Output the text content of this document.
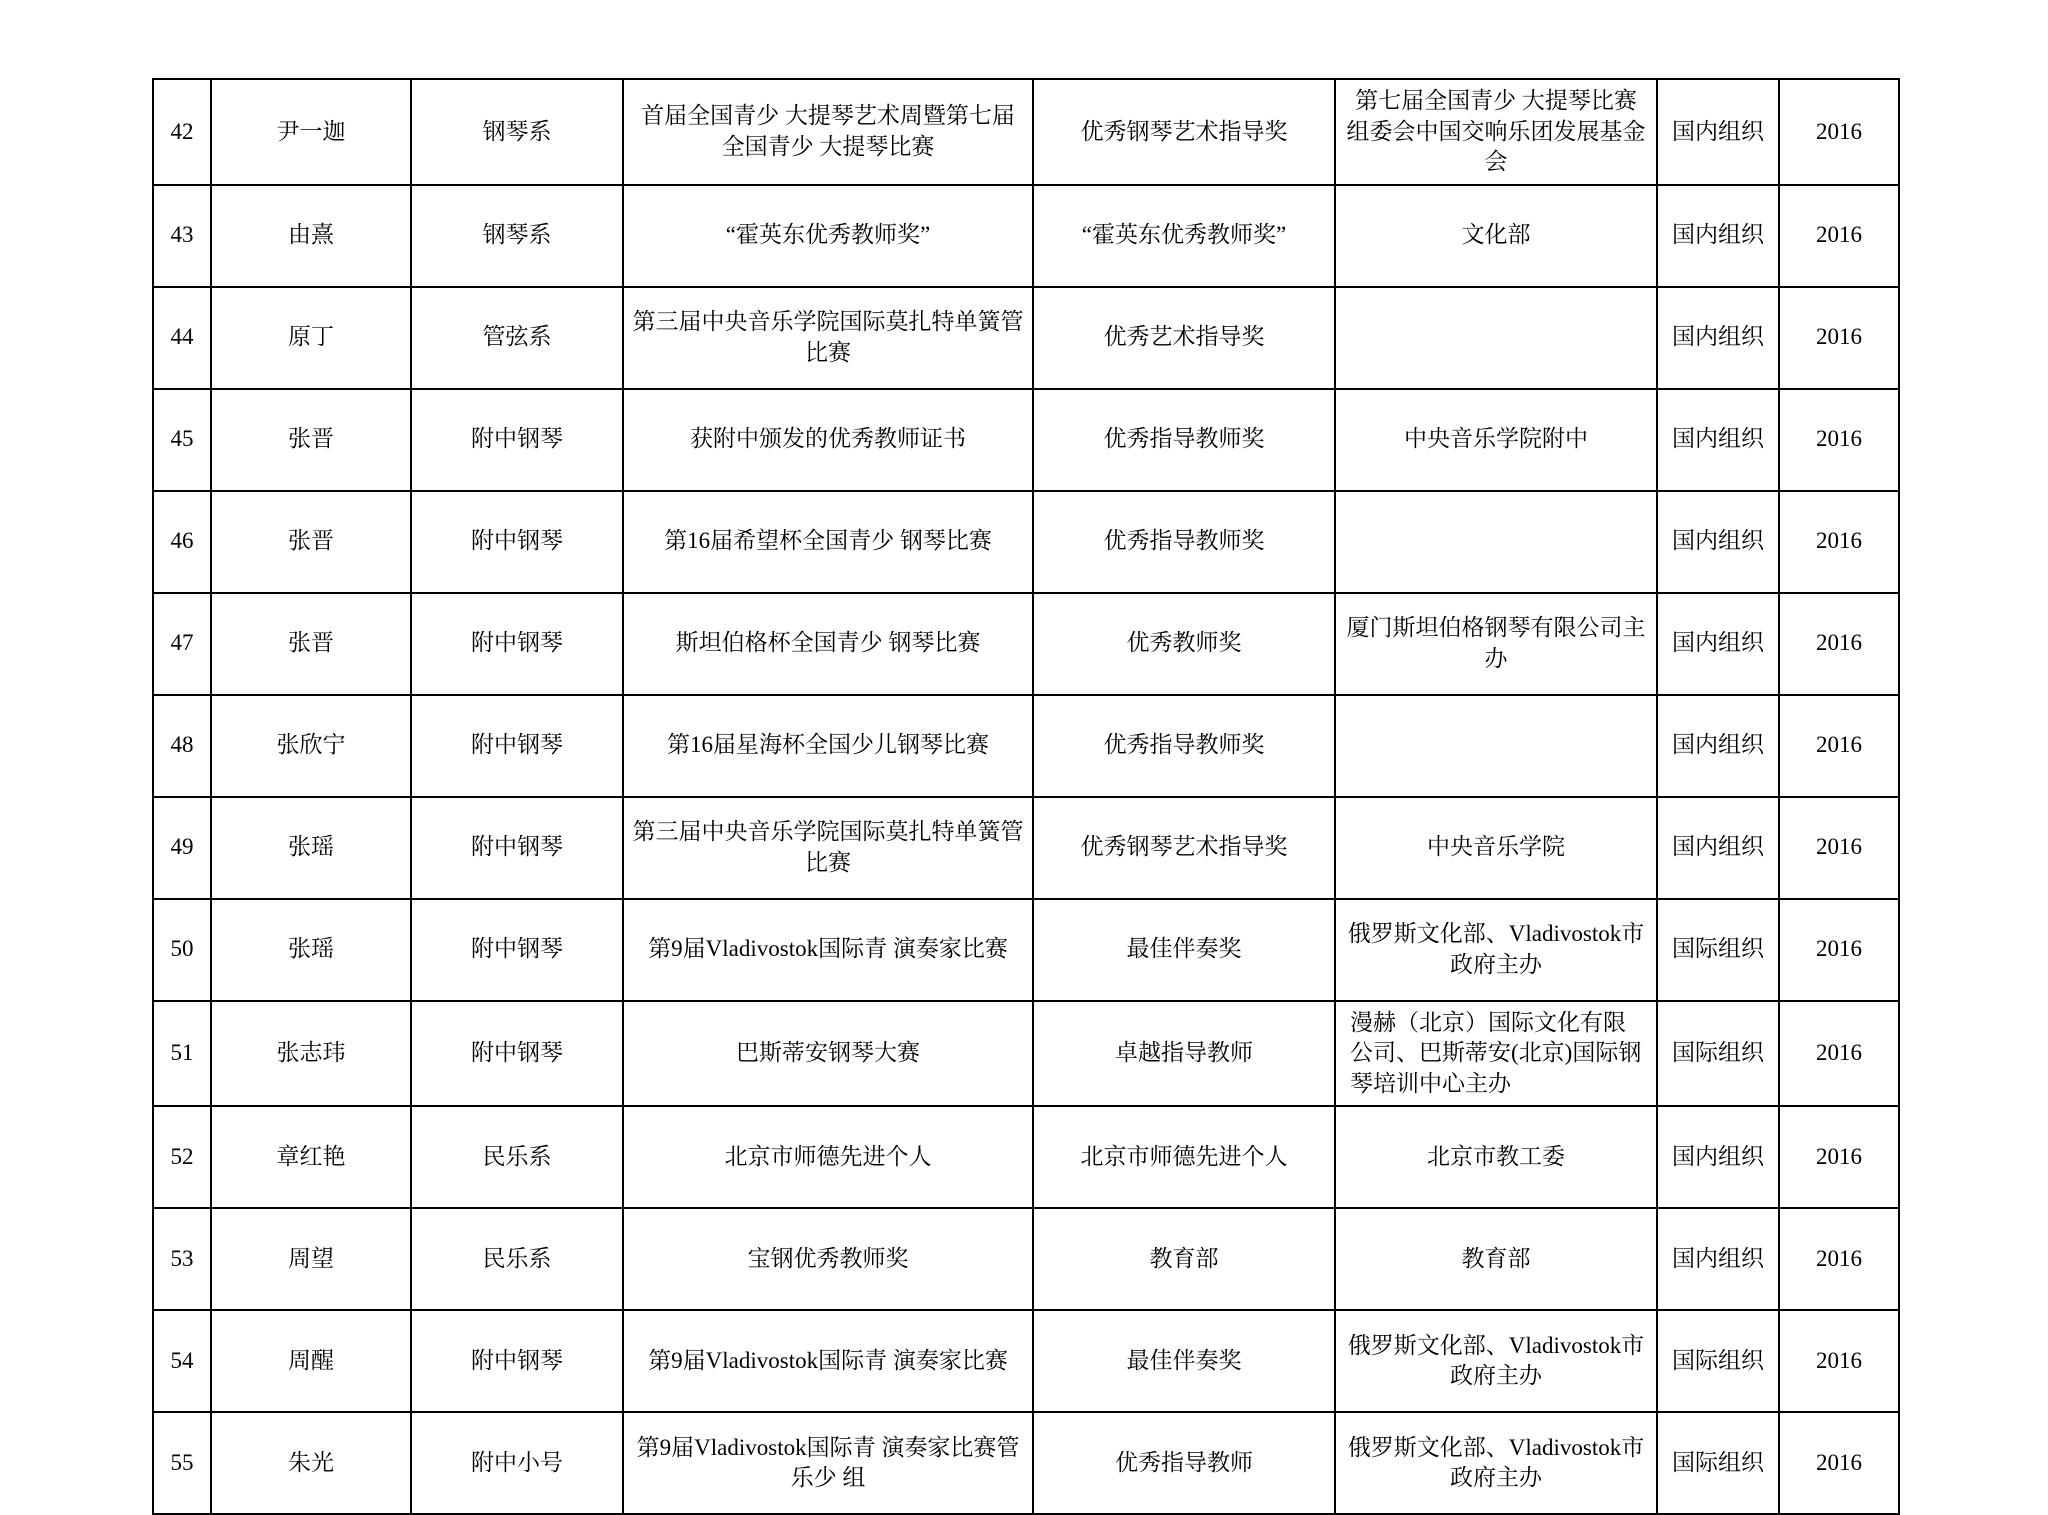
42	尹一迦	钢琴系	首届全国青少 大提琴艺术周暨第七届全国青少 大提琴比赛	优秀钢琴艺术指导奖	第七届全国青少 大提琴比赛组委会中国交响乐团发展基金会	国内组织	2016
43	由熹	钢琴系	“霍英东优秀教师奖”	“霍英东优秀教师奖”	文化部	国内组织	2016
44	原丁	管弦系	第三届中央音乐学院国际莫扎特单簧管比赛	优秀艺术指导奖		国内组织	2016
45	张晋	附中钢琴	获附中颁发的优秀教师证书	优秀指导教师奖	中央音乐学院附中	国内组织	2016
46	张晋	附中钢琴	第16届希望杯全国青少 钢琴比赛	优秀指导教师奖		国内组织	2016
47	张晋	附中钢琴	斯坦伯格杯全国青少 钢琴比赛	优秀教师奖	厦门斯坦伯格钢琴有限公司主办	国内组织	2016
48	张欣宁	附中钢琴	第16届星海杯全国少儿钢琴比赛	优秀指导教师奖		国内组织	2016
49	张瑶	附中钢琴	第三届中央音乐学院国际莫扎特单簧管比赛	优秀钢琴艺术指导奖	中央音乐学院	国内组织	2016
50	张瑶	附中钢琴	第9届Vladivostok国际青 演奏家比赛	最佳伴奏奖	俄罗斯文化部、Vladivostok市政府主办	国际组织	2016
51	张志玮	附中钢琴	巴斯蒂安钢琴大赛	卓越指导教师	漫赫（北京）国际文化有限公司、巴斯蒂安(北京)国际钢琴培训中心主办	国际组织	2016
52	章红艳	民乐系	北京市师德先进个人	北京市师德先进个人	北京市教工委	国内组织	2016
53	周望	民乐系	宝钢优秀教师奖	教育部	教育部	国内组织	2016
54	周醒	附中钢琴	第9届Vladivostok国际青 演奏家比赛	最佳伴奏奖	俄罗斯文化部、Vladivostok市政府主办	国际组织	2016
55	朱光	附中小号	第9届Vladivostok国际青 演奏家比赛管乐少 组	优秀指导教师	俄罗斯文化部、Vladivostok市政府主办	国际组织	2016
